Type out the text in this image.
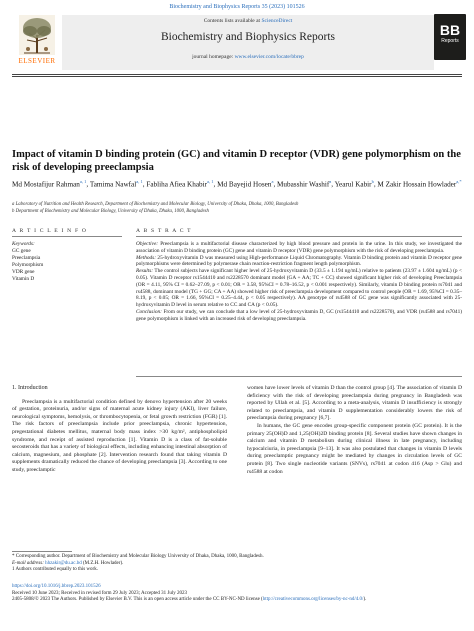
Biochemistry and Biophysics Reports 35 (2023) 101526
ELSEVIER
Contents lists available at ScienceDirect
Biochemistry and Biophysics Reports
journal homepage: www.elsevier.com/locate/bbrep
BB
Reports
Impact of vitamin D binding protein (GC) and vitamin D receptor (VDR) gene polymorphism on the risk of developing preeclampsia

Md Mostafijur Rahman$^{a, 1}$, Tamima Nawfal$^{a, 1}$, Fabliha Afiea Khabir$^{a, 1}$, Md Bayejid Hosen$^a$, Mubasshir Washif$^a$, Yearul Kabir$^b$, M Zakir Hossain Howlader$^{a,*}$

a Laboratory of Nutrition and Health Research, Department of Biochemistry and Molecular Biology, University of Dhaka, Dhaka, 1000, Bangladesh

b Department of Biochemistry and Molecular Biology, University of Dhaka, Dhaka, 1000, Bangladesh

A R T I C L E I N F O	A B S T R A C T
Keywords:
GC gene
Preeclampsia
Polymorphism
VDR gene
Vitamin D

Objective: Preeclampsia is a multifactorial disease characterized by high blood pressure and protein in the urine. In this study, we investigated the association of vitamin D binding protein (GC) gene and vitamin D receptor (VDR) gene polymorphism with the risk of developing preeclampsia.

Methods: 25-hydroxyvitamin D was measured using High-performance Liquid Chromatography. Vitamin D binding protein and vitamin D receptor gene polymorphisms were determined by polymerase chain reaction-restriction fragment length polymorphism.

Results: The control subjects have significant higher level of 25-hydroxyvitamin D (33.5 ± 1.194 ng/mL) relative to patients (23.97 ± 1.604 ng/mL) (p < 0.05). Vitamin D receptor rs1544410 and rs2228570 dominant model (GA + AA; TC + CC) showed significant higher risk of developing Preeclampsia (OR = 4.11, 95% CI = 0.62–27.09, p < 0.01; OR = 3.58, 95%CI = 0.78–16.52, p < 0.001 respectively). Similarly, vitamin D binding protein rs7041 and rs4588, dominant model (TG + GG; CA + AA) showed higher risk of preeclampsia development compared to control people (OR = 1.69, 95%CI = 0.35–8.19, p < 0.05; OR = 1.66, 95%CI = 0.25–4.44, p < 0.05 respectively). AA genotype of rs4588 of GC gene was significantly associated with 25-hydroxyvitamin D level in serum relative to CC and CA (p < 0.05).

Conclusion: From our study, we can conclude that a low level of 25-hydroxyvitamin D, GC (rs1544410 and rs2228570), and VDR (rs4588 and rs7041) gene polymorphism is linked with an increased risk of developing preeclampsia.

1. Introduction

Preeclampsia is a multifactorial condition defined by denovo hypertension after 20 weeks of gestation, proteinuria, and/or signs of maternal acute kidney injury (AKI), liver failure, neurological symptoms, hemolysis, or thrombocytopenia, or fetal growth restriction (FGR) [1]. The risk factors of preeclampsia include prior preeclampsia, chronic hypertension, pregestational diabetes mellitus, maternal body mass index >30 kg/m², antiphospholipid syndrome, and receipt of assisted reproduction [1]. Vitamin D is a class of fat-soluble secosteroids that has a variety of biological effects, including enhancing intestinal absorption of calcium, magnesium, and phosphate [2]. Intervention research found that taking vitamin D supplements dramatically reduced the chance of developing preeclampsia [3]. According to one study, preeclamptic

women have lower levels of vitamin D than the control group [4]. The association of vitamin D deficiency with the risk of developing preeclampsia during pregnancy in Bangladesh was reported by Ullah et al. [5]. According to a meta-analysis, vitamin D insufficiency is strongly related to preeclampsia, and vitamin D supplementation considerably lowers the risk of preeclampsia during pregnancy [6,7].

In humans, the GC gene encodes group-specific component protein (GC protein). It is the primary 25(OH)D and 1,25(OH)2D binding protein [8]. Several studies have shown changes in calcium and vitamin D metabolism during clinical illness in late pregnancy, including hypocalciuria, in preeclampsia [9–13]. It was also postulated that changes in vitamin D levels during preeclamptic pregnancy might be mediated by changes in circulation levels of GC protein [8]. Two single nucleotide variants (SNVs), rs7041 at codon 416 (Asp > Glu) and rs4588 at codon

* Corresponding author. Department of Biochemistry and Molecular Biology University of Dhaka, Dhaka, 1000, Bangladesh.

E-mail address: hhzakir@du.ac.bd (M.Z.H. Howlader).

1 Authors contributed equally to this work.

https://doi.org/10.1016/j.bbrep.2023.101526

Received 10 June 2023; Received in revised form 29 July 2023; Accepted 31 July 2023

2405-5808/© 2023 The Authors. Published by Elsevier B.V. This is an open access article under the CC BY-NC-ND license (http://creativecommons.org/licenses/by-nc-nd/4.0/).
